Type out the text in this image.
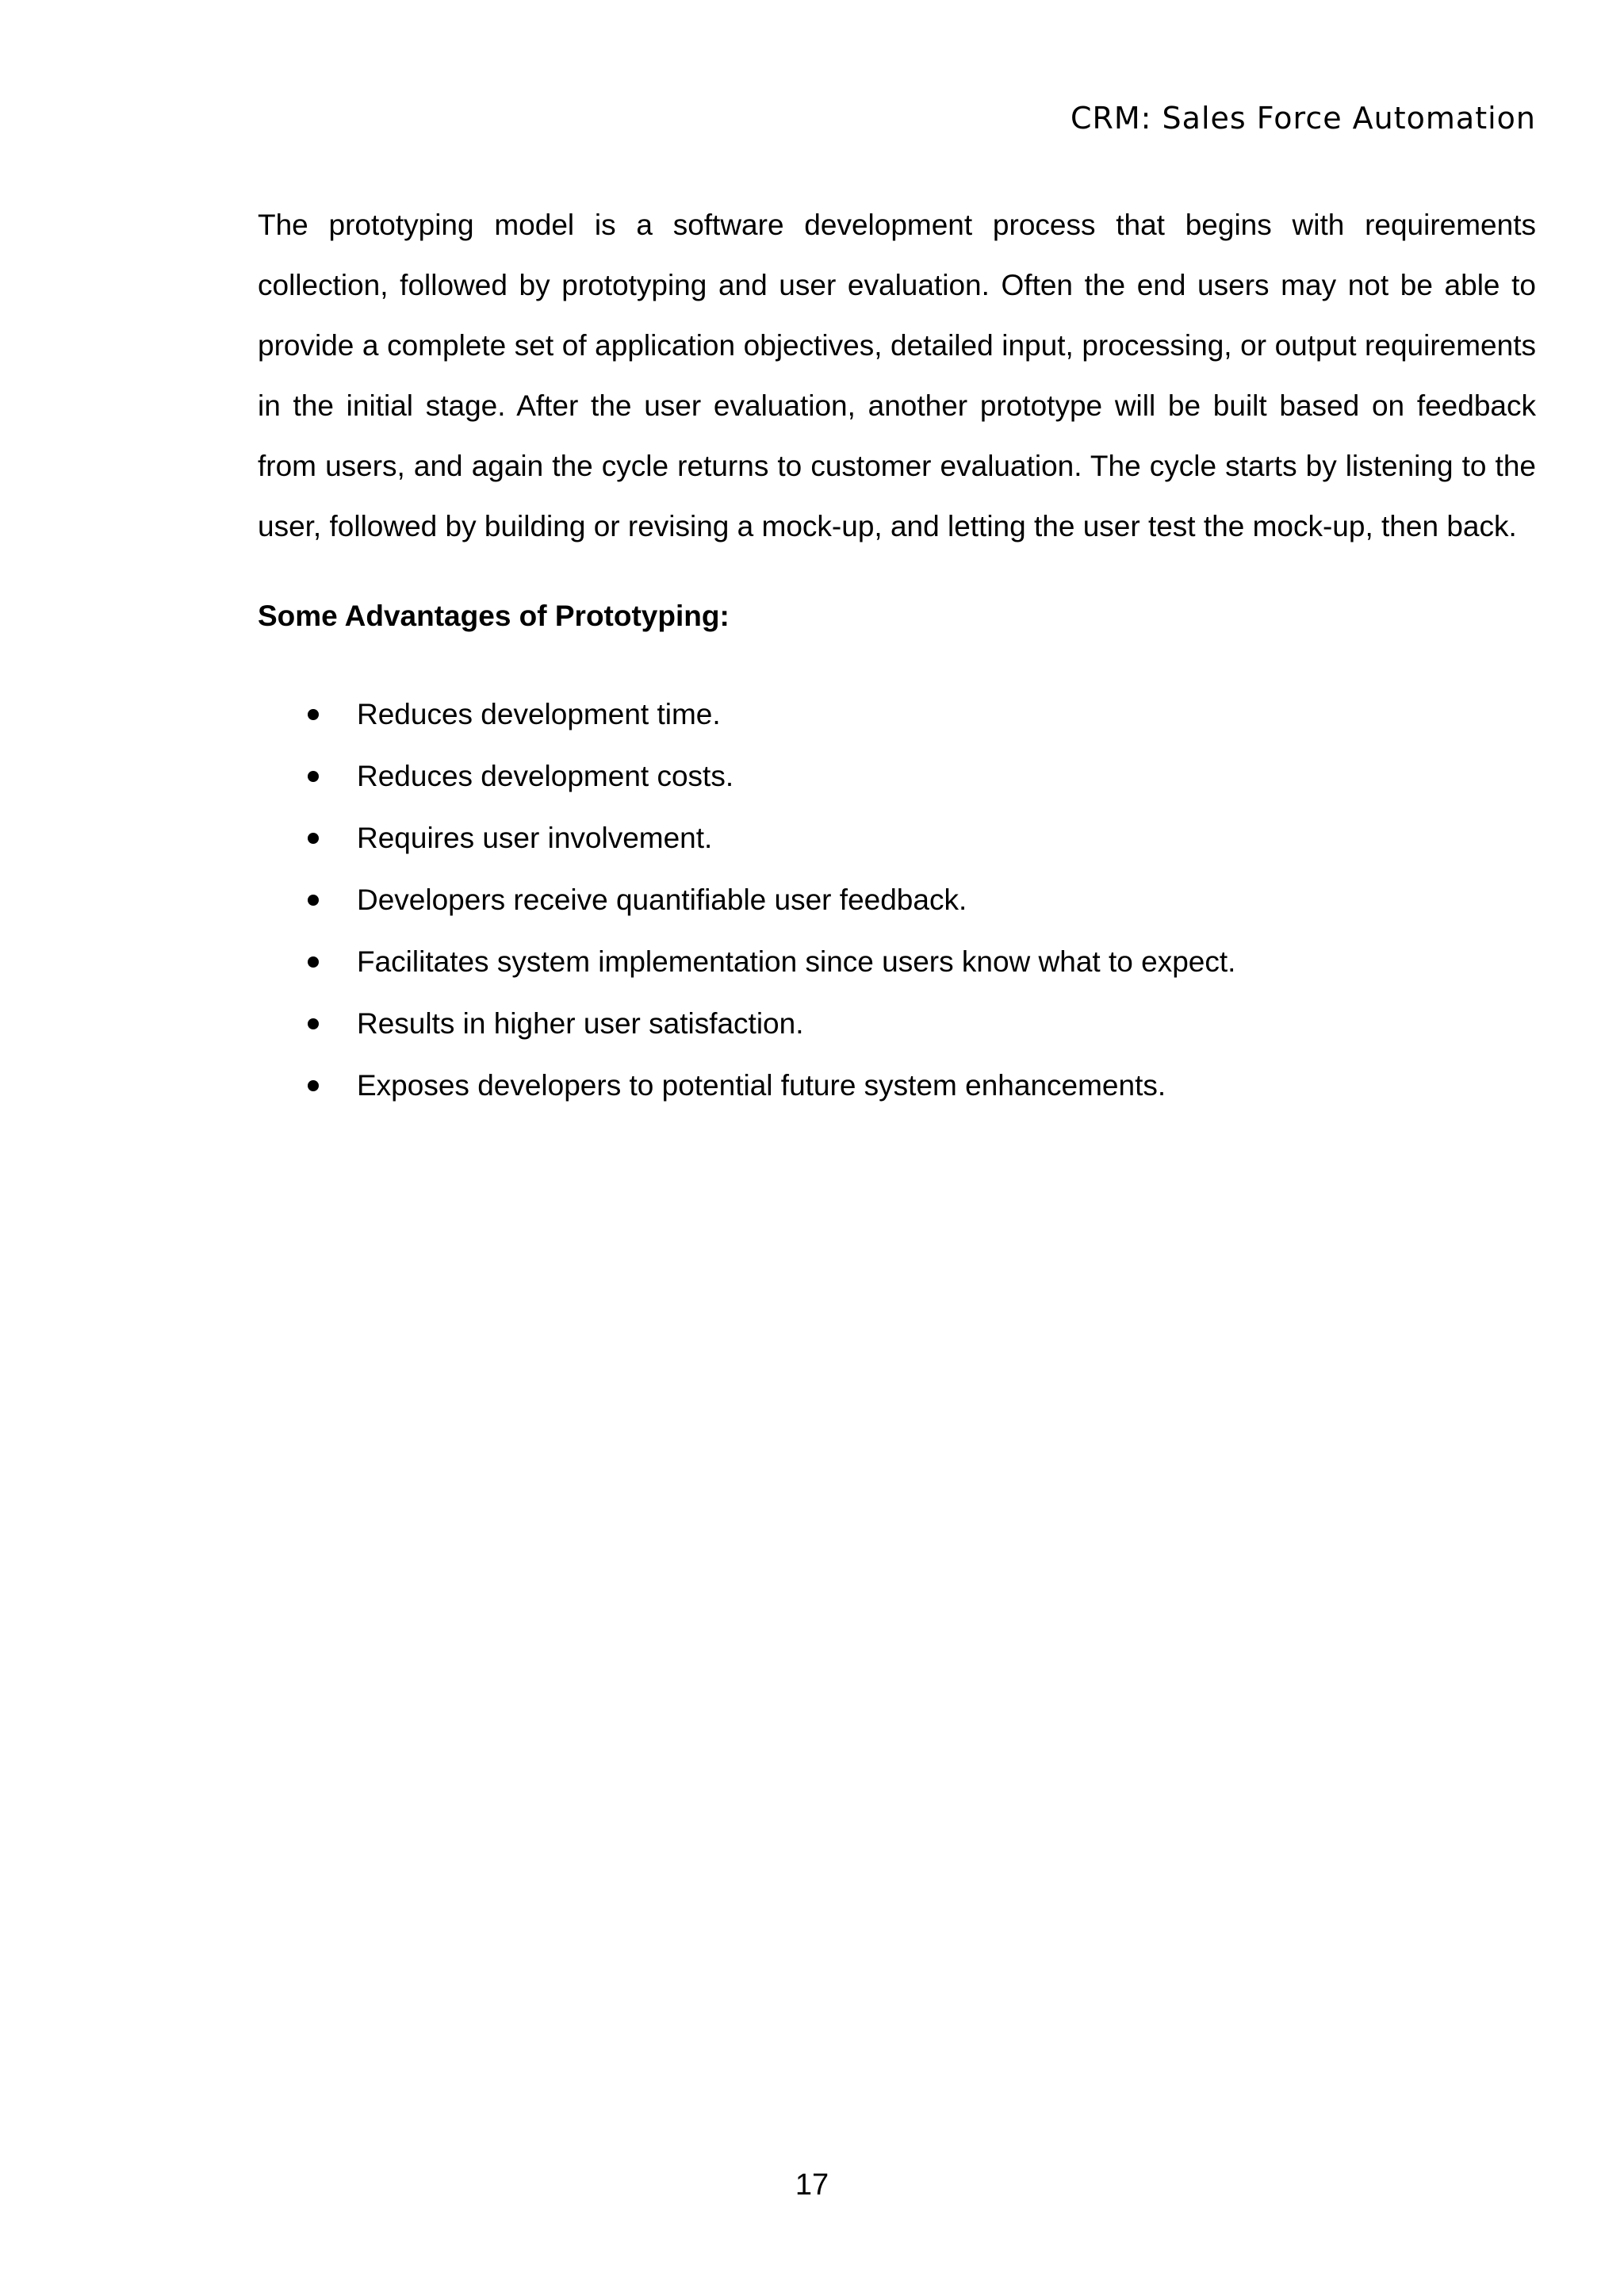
CRM: Sales Force Automation

The prototyping model is a software development process that begins with requirements collection, followed by prototyping and user evaluation. Often the end users may not be able to provide a complete set of application objectives, detailed input, processing, or output requirements in the initial stage. After the user evaluation, another prototype will be built based on feedback from users, and again the cycle returns to customer evaluation. The cycle starts by listening to the user, followed by building or revising a mock-up, and letting the user test the mock-up, then back.

Some Advantages of Prototyping:
Reduces development time.
Reduces development costs.
Requires user involvement.
Developers receive quantifiable user feedback.
Facilitates system implementation since users know what to expect.
Results in higher user satisfaction.
Exposes developers to potential future system enhancements.
17
